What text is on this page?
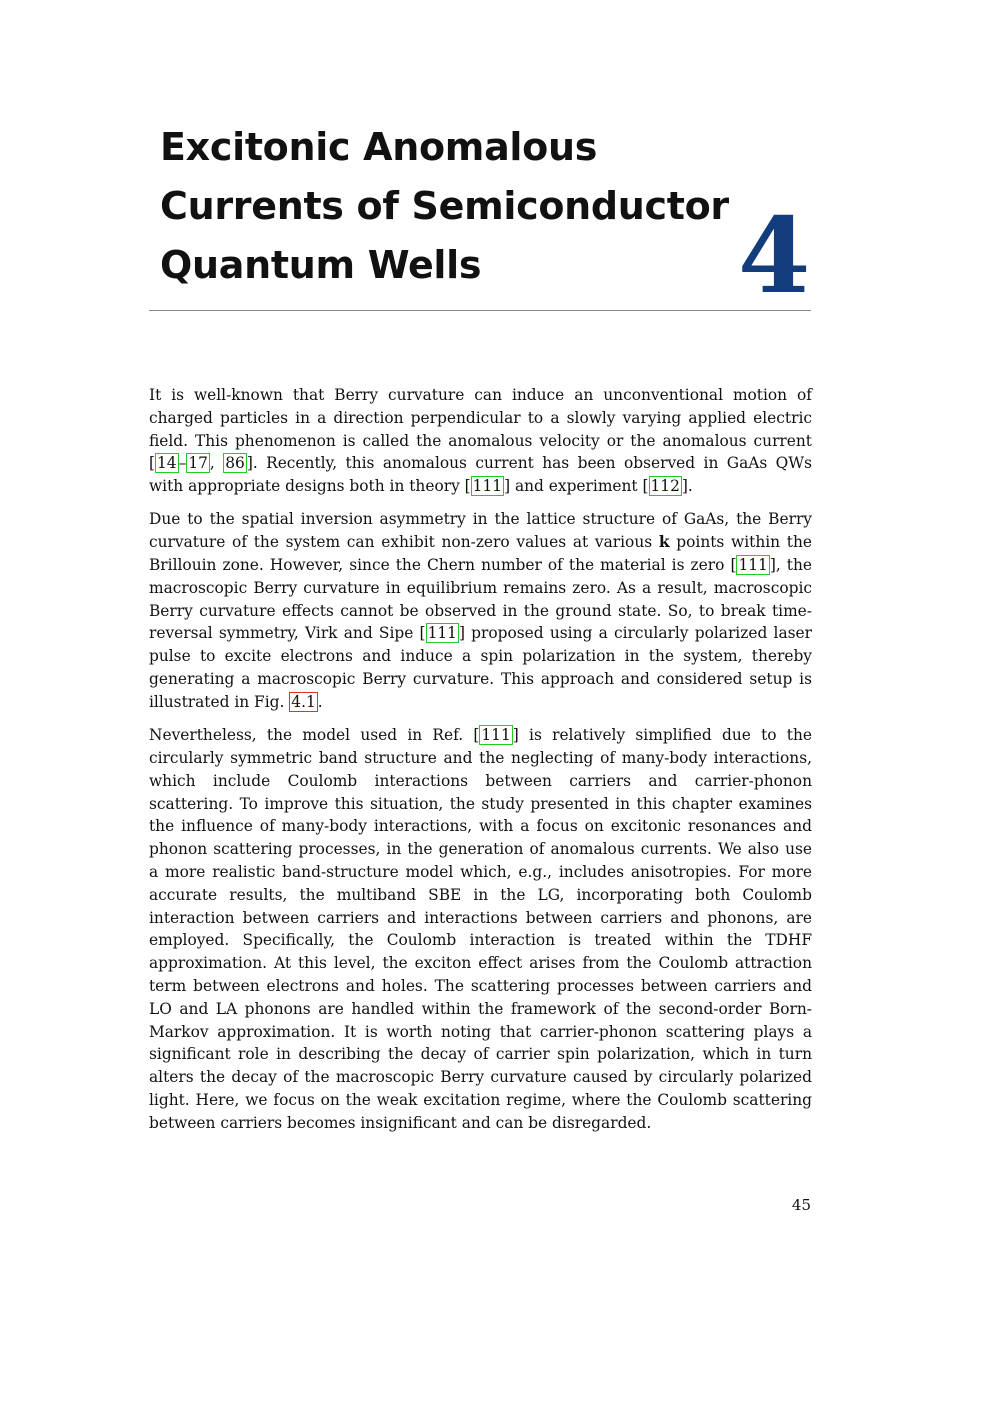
Excitonic Anomalous
Currents of Semiconductor
Quantum Wells	4

It is well-known that Berry curvature can induce an unconventional motion of charged particles in a direction perpendicular to a slowly varying applied electric field. This phenomenon is called the anomalous velocity or the anomalous current [ 14 – 17 , 86 ]. Recently, this anomalous current has been observed in GaAs QWs with appropriate designs both in theory [ 111 ] and experiment [ 112 ].

Due to the spatial inversion asymmetry in the lattice structure of GaAs, the Berry curvature of the system can exhibit non-zero values at various k points within the Brillouin zone. However, since the Chern number of the material is zero [ 111 ], the macroscopic Berry curvature in equilibrium remains zero. As a result, macroscopic Berry curvature effects cannot be observed in the ground state. So, to break time-reversal symmetry, Virk and Sipe [ 111 ] proposed using a circularly polarized laser pulse to excite electrons and induce a spin polarization in the system, thereby generating a macroscopic Berry curvature. This approach and considered setup is illustrated in Fig. 4.1 .

Nevertheless, the model used in Ref. [ 111 ] is relatively simplified due to the circularly symmetric band structure and the neglecting of many-body interactions, which include Coulomb interactions between carriers and carrier-phonon scattering. To improve this situation, the study presented in this chapter examines the influence of many-body interactions, with a focus on excitonic resonances and phonon scattering processes, in the generation of anomalous currents. We also use a more realistic band-structure model which, e.g., includes anisotropies. For more accurate results, the multiband SBE in the LG, incorporating both Coulomb interaction between carriers and interactions between carriers and phonons, are employed. Specifically, the Coulomb interaction is treated within the TDHF approximation. At this level, the exciton effect arises from the Coulomb attraction term between electrons and holes. The scattering processes between carriers and LO and LA phonons are handled within the framework of the second-order Born-Markov approximation. It is worth noting that carrier-phonon scattering plays a significant role in describing the decay of carrier spin polarization, which in turn alters the decay of the macroscopic Berry curvature caused by circularly polarized light. Here, we focus on the weak excitation regime, where the Coulomb scattering between carriers becomes insignificant and can be disregarded.

45
